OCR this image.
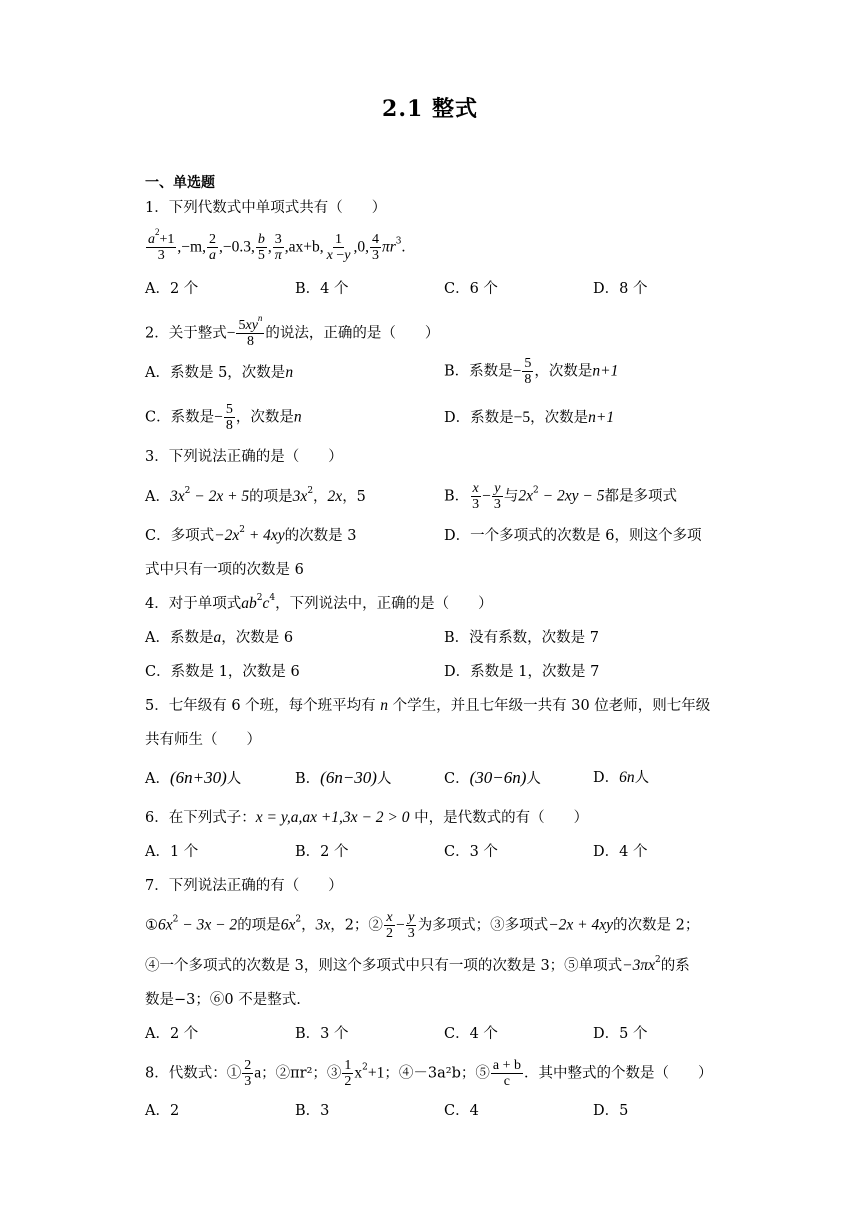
2.1 整式
一、单选题
1．下列代数式中单项式共有（　　）
$\frac{a^2+1}{3} ,-m$, $\frac{2}{a} ,-0.3$, $\frac{b}{5}$ , $\frac{3}{\pi} ,ax+b$, $\frac{1}{x -y} ,0$, $\frac{4}{3} \pi r^3$.
A．2 个	B．4 个	C．6 个	D．8 个
2．关于整式− $\frac{5xy^n}{8}$ 的说法，正确的是（　　）
A．系数是 5，次数是n	B．系数是− $\frac{5}{8}$ ，次数是n+1
C．系数是− $\frac{5}{8}$ ，次数是n	D．系数是−5，次数是n+1
3．下列说法正确的是（　　）
A．$3x^2 - 2x + 5$的项是$3x^2$，2x，5	B． $\frac{x}{3} - \frac{y}{3}$ 与$2x^2 - 2xy - 5$都是多项式
C．多项式$-2x^2 + 4xy$的次数是 3	D．一个多项式的次数是 6，则这个多项
式中只有一项的次数是 6
4．对于单项式$ab^2c^4$，下列说法中，正确的是（　　）
A．系数是a，次数是 6	B．没有系数，次数是 7
C．系数是 1，次数是 6	D．系数是 1，次数是 7
5．七年级有 6 个班，每个班平均有 n 个学生，并且七年级一共有 30 位老师，则七年级
共有师生（　　）
A．(6n+30)人	B．(6n−30)人	C．(30−6n)人	D．6n人
6．在下列式子：x = y,a,ax +1,3x − 2 > 0 中，是代数式的有（　　）
A．1 个	B．2 个	C．3 个	D．4 个
7．下列说法正确的有（　　）
$①6x^2 - 3x - 2$的项是$6x^2$，3x，2；② $\frac{x}{2} - \frac{y}{3}$ 为多项式；③多项式−2x + 4xy的次数是 2；
④一个多项式的次数是 3，则这个多项式中只有一项的次数是 3；⑤单项式$-3\pi x^2$的系
数是−3；⑥0 不是整式.
A．2 个	B．3 个	C．4 个	D．5 个
8．代数式：① $\frac{2}{3}$ a；②πr²；③ $\frac{1}{2} x^2+1$；④－3a²b；⑤ $\frac{a + b}{c}$ ．其中整式的个数是（　　）
A．2	B．3	C．4	D．5
